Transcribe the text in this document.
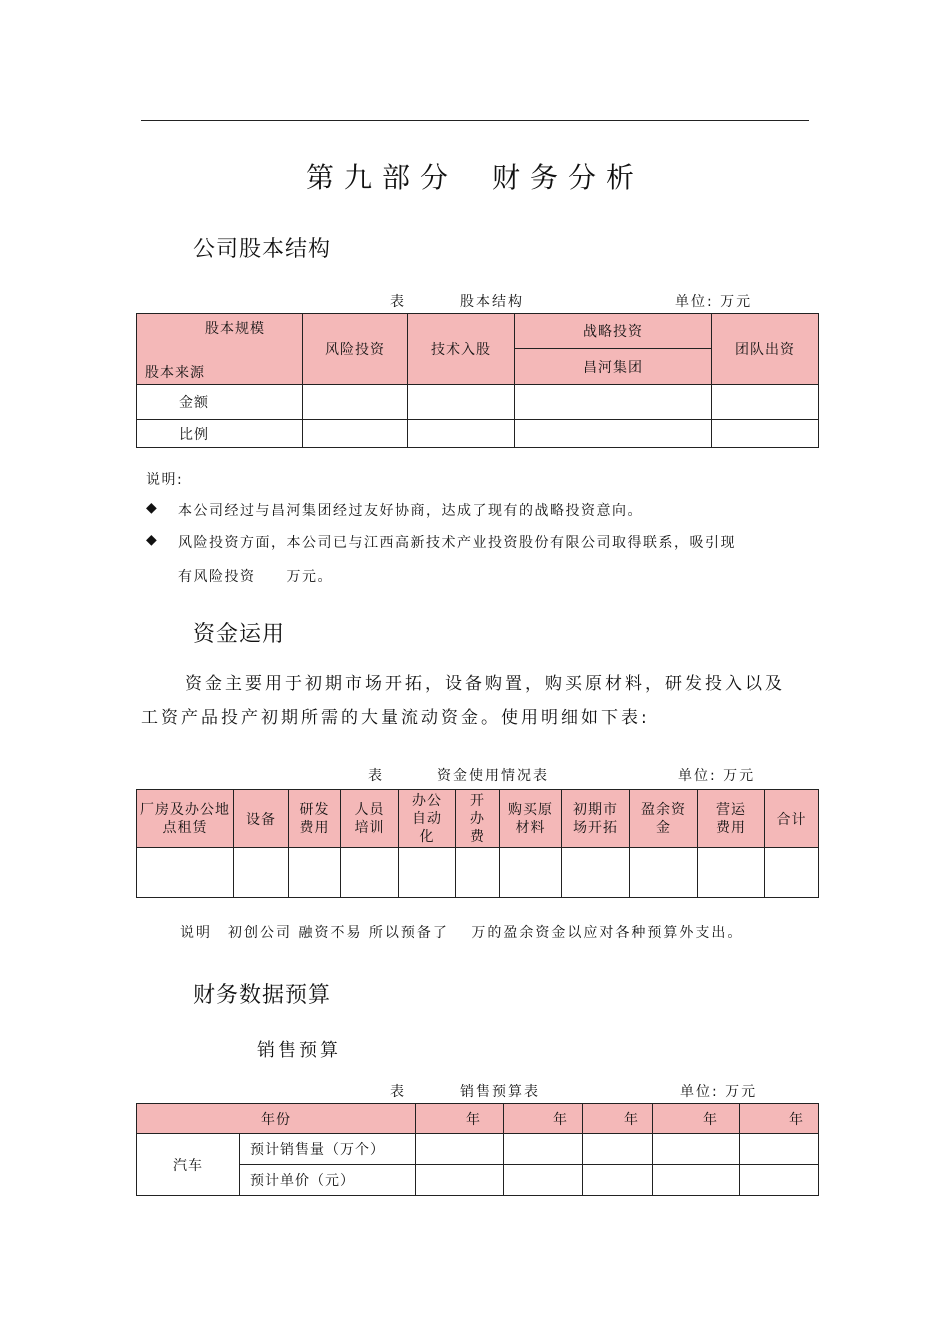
第九部分 财务分析
公司股本结构
表	股本结构	单位: 万元
股本规模
股本来源	风险投资	技术入股	战略投资	团队出资
			昌河集团	
金额				
比例				
说明:
◆ 本公司经过与昌河集团经过友好协商，达成了现有的战略投资意向。
◆ 风险投资方面，本公司已与江西高新技术产业投资股份有限公司取得联系，吸引现
有风险投资　　万元。
资金运用
资金主要用于初期市场开拓，设备购置，购买原材料，研发投入以及
工资产品投产初期所需的大量流动资金。使用明细如下表:
表	资金使用情况表	单位: 万元
厂房及办公地点租赁	设备	研发费用	人员培训	办公自动化	开办费	购买原材料	初期市场开拓	盈余资金	营运费用	合计

说明　初创公司 融资不易 所以预备了　 万的盈余资金以应对各种预算外支出。
财务数据预算
销售预算
表	销售预算表	单位: 万元
年份		年	年	年	年	年
汽车	预计销售量（万个）					
	预计单价（元）					
